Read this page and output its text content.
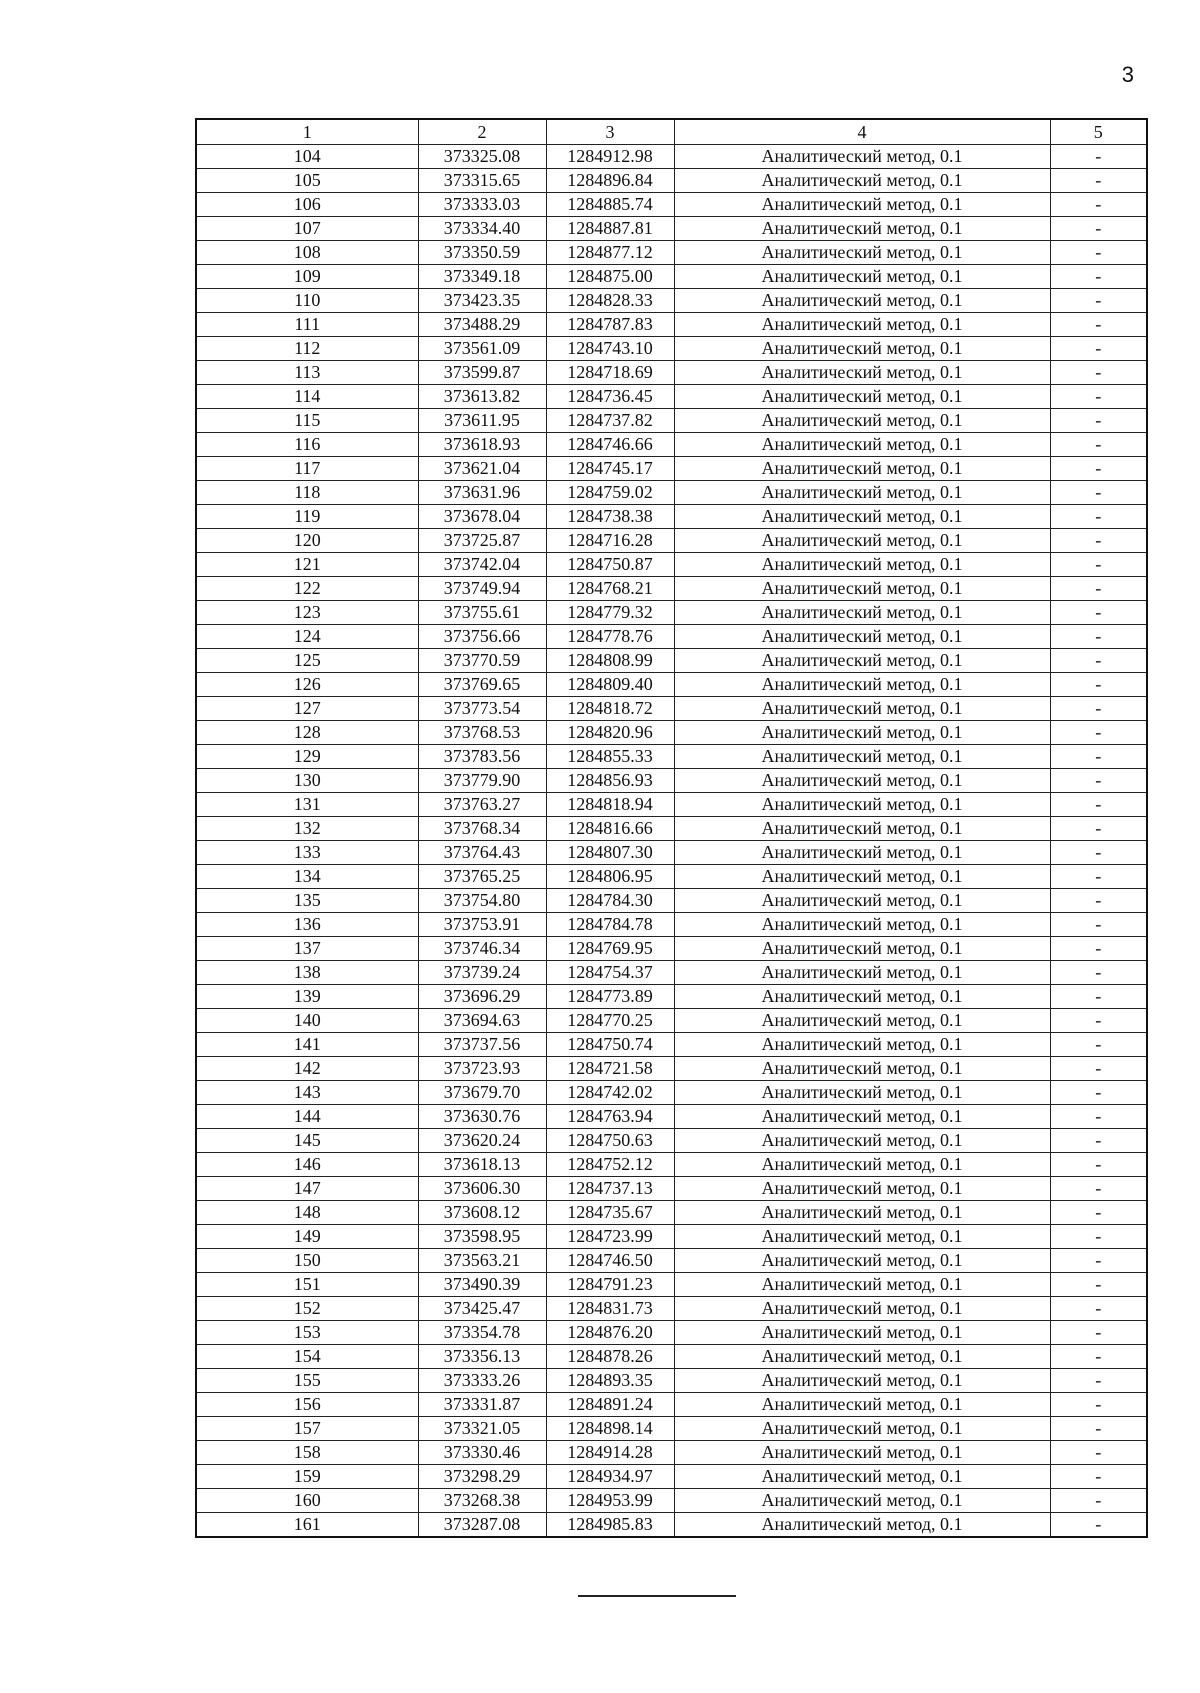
3
1	2	3	4	5
104	373325.08	1284912.98	Аналитический метод, 0.1	-
105	373315.65	1284896.84	Аналитический метод, 0.1	-
106	373333.03	1284885.74	Аналитический метод, 0.1	-
107	373334.40	1284887.81	Аналитический метод, 0.1	-
108	373350.59	1284877.12	Аналитический метод, 0.1	-
109	373349.18	1284875.00	Аналитический метод, 0.1	-
110	373423.35	1284828.33	Аналитический метод, 0.1	-
111	373488.29	1284787.83	Аналитический метод, 0.1	-
112	373561.09	1284743.10	Аналитический метод, 0.1	-
113	373599.87	1284718.69	Аналитический метод, 0.1	-
114	373613.82	1284736.45	Аналитический метод, 0.1	-
115	373611.95	1284737.82	Аналитический метод, 0.1	-
116	373618.93	1284746.66	Аналитический метод, 0.1	-
117	373621.04	1284745.17	Аналитический метод, 0.1	-
118	373631.96	1284759.02	Аналитический метод, 0.1	-
119	373678.04	1284738.38	Аналитический метод, 0.1	-
120	373725.87	1284716.28	Аналитический метод, 0.1	-
121	373742.04	1284750.87	Аналитический метод, 0.1	-
122	373749.94	1284768.21	Аналитический метод, 0.1	-
123	373755.61	1284779.32	Аналитический метод, 0.1	-
124	373756.66	1284778.76	Аналитический метод, 0.1	-
125	373770.59	1284808.99	Аналитический метод, 0.1	-
126	373769.65	1284809.40	Аналитический метод, 0.1	-
127	373773.54	1284818.72	Аналитический метод, 0.1	-
128	373768.53	1284820.96	Аналитический метод, 0.1	-
129	373783.56	1284855.33	Аналитический метод, 0.1	-
130	373779.90	1284856.93	Аналитический метод, 0.1	-
131	373763.27	1284818.94	Аналитический метод, 0.1	-
132	373768.34	1284816.66	Аналитический метод, 0.1	-
133	373764.43	1284807.30	Аналитический метод, 0.1	-
134	373765.25	1284806.95	Аналитический метод, 0.1	-
135	373754.80	1284784.30	Аналитический метод, 0.1	-
136	373753.91	1284784.78	Аналитический метод, 0.1	-
137	373746.34	1284769.95	Аналитический метод, 0.1	-
138	373739.24	1284754.37	Аналитический метод, 0.1	-
139	373696.29	1284773.89	Аналитический метод, 0.1	-
140	373694.63	1284770.25	Аналитический метод, 0.1	-
141	373737.56	1284750.74	Аналитический метод, 0.1	-
142	373723.93	1284721.58	Аналитический метод, 0.1	-
143	373679.70	1284742.02	Аналитический метод, 0.1	-
144	373630.76	1284763.94	Аналитический метод, 0.1	-
145	373620.24	1284750.63	Аналитический метод, 0.1	-
146	373618.13	1284752.12	Аналитический метод, 0.1	-
147	373606.30	1284737.13	Аналитический метод, 0.1	-
148	373608.12	1284735.67	Аналитический метод, 0.1	-
149	373598.95	1284723.99	Аналитический метод, 0.1	-
150	373563.21	1284746.50	Аналитический метод, 0.1	-
151	373490.39	1284791.23	Аналитический метод, 0.1	-
152	373425.47	1284831.73	Аналитический метод, 0.1	-
153	373354.78	1284876.20	Аналитический метод, 0.1	-
154	373356.13	1284878.26	Аналитический метод, 0.1	-
155	373333.26	1284893.35	Аналитический метод, 0.1	-
156	373331.87	1284891.24	Аналитический метод, 0.1	-
157	373321.05	1284898.14	Аналитический метод, 0.1	-
158	373330.46	1284914.28	Аналитический метод, 0.1	-
159	373298.29	1284934.97	Аналитический метод, 0.1	-
160	373268.38	1284953.99	Аналитический метод, 0.1	-
161	373287.08	1284985.83	Аналитический метод, 0.1	-
